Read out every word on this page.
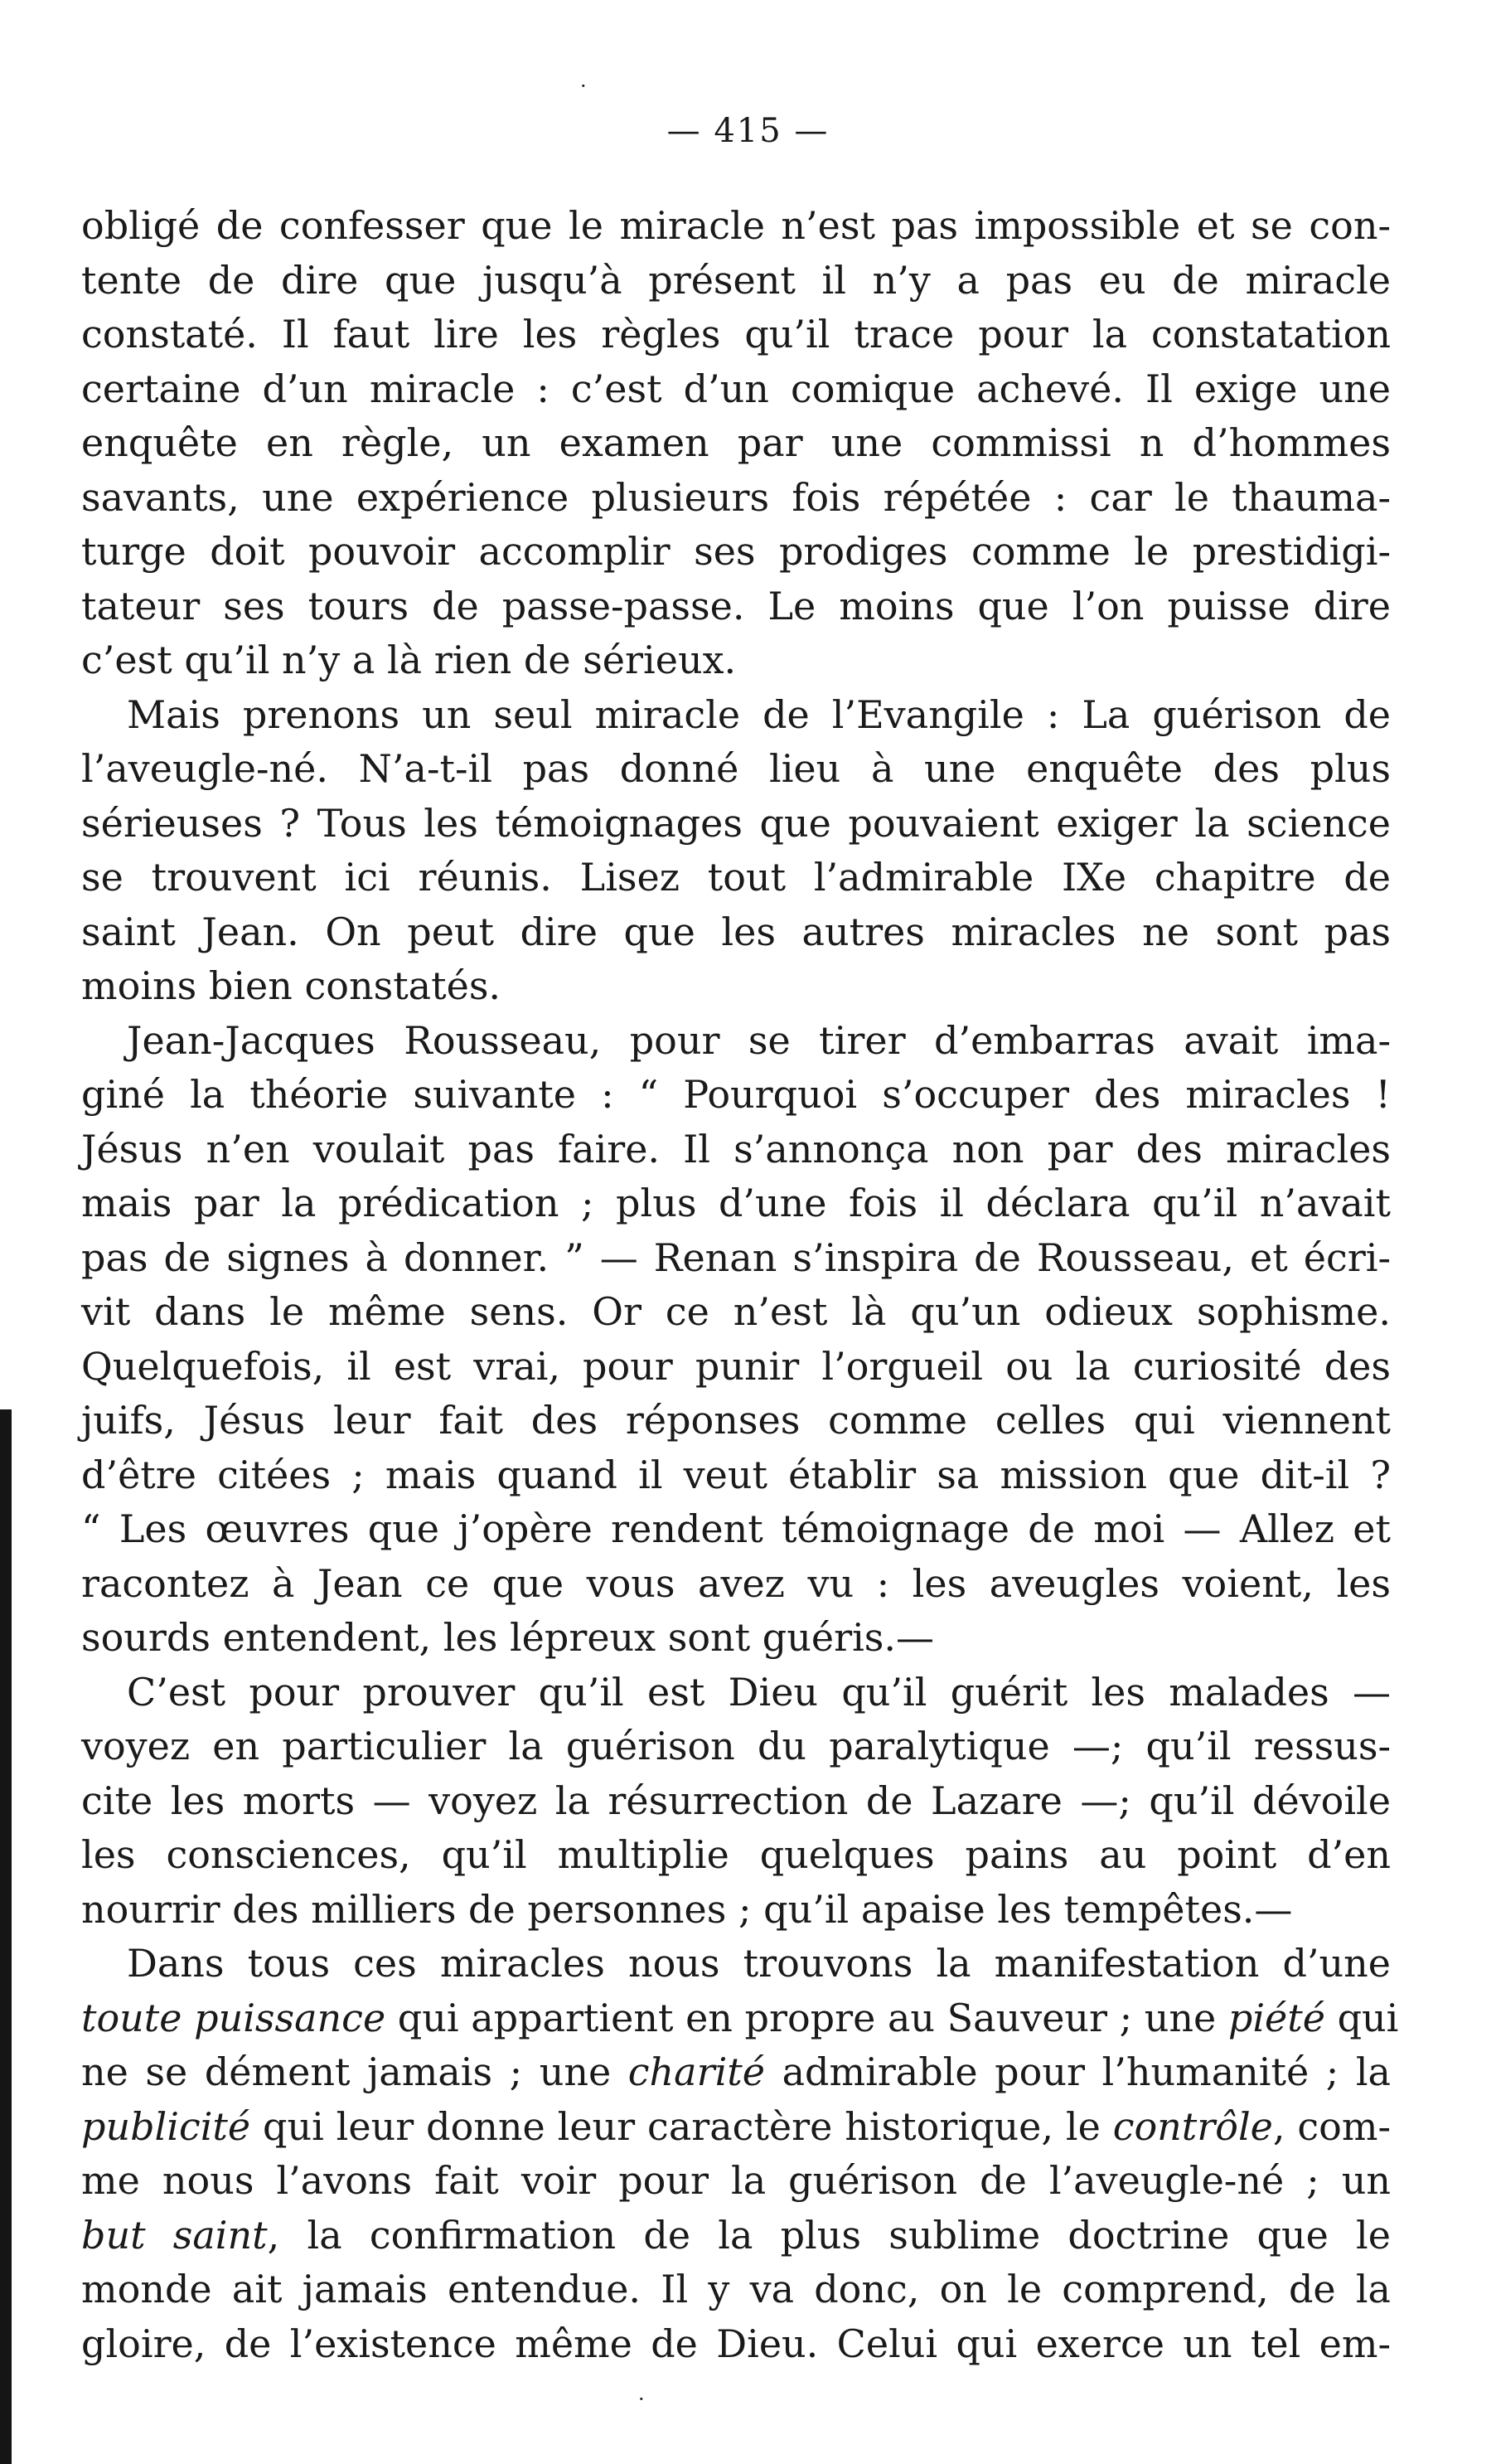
·
·
— 415 —
obligé de confesser que le miracle n’est pas impossible et se con-
tente de dire que jusqu’à présent il n’y a pas eu de miracle
constaté. Il faut lire les règles qu’il trace pour la constatation
certaine d’un miracle : c’est d’un comique achevé. Il exige une
enquête en règle, un examen par une commissi n d’hommes
savants, une expérience plusieurs fois répétée : car le thauma-
turge doit pouvoir accomplir ses prodiges comme le prestidigi-
tateur ses tours de passe-passe. Le moins que l’on puisse dire
c’est qu’il n’y a là rien de sérieux.
Mais prenons un seul miracle de l’Evangile : La guérison de
l’aveugle-né. N’a-t-il pas donné lieu à une enquête des plus
sérieuses ? Tous les témoignages que pouvaient exiger la science
se trouvent ici réunis. Lisez tout l’admirable IXe chapitre de
saint Jean. On peut dire que les autres miracles ne sont pas
moins bien constatés.
Jean-Jacques Rousseau, pour se tirer d’embarras avait ima-
giné la théorie suivante : “ Pourquoi s’occuper des miracles !
Jésus n’en voulait pas faire. Il s’annonça non par des miracles
mais par la prédication ; plus d’une fois il déclara qu’il n’avait
pas de signes à donner. ” — Renan s’inspira de Rousseau, et écri-
vit dans le même sens. Or ce n’est là qu’un odieux sophisme.
Quelquefois, il est vrai, pour punir l’orgueil ou la curiosité des
juifs, Jésus leur fait des réponses comme celles qui viennent
d’être citées ; mais quand il veut établir sa mission que dit-il ?
“ Les œuvres que j’opère rendent témoignage de moi — Allez et
racontez à Jean ce que vous avez vu : les aveugles voient, les
sourds entendent, les lépreux sont guéris.—
C’est pour prouver qu’il est Dieu qu’il guérit les malades —
voyez en particulier la guérison du paralytique —; qu’il ressus-
cite les morts — voyez la résurrection de Lazare —; qu’il dévoile
les consciences, qu’il multiplie quelques pains au point d’en
nourrir des milliers de personnes ; qu’il apaise les tempêtes.—
Dans tous ces miracles nous trouvons la manifestation d’une
toute puissance qui appartient en propre au Sauveur ; une piété qui
ne se dément jamais ; une charité admirable pour l’humanité ; la
publicité qui leur donne leur caractère historique, le contrôle, com-
me nous l’avons fait voir pour la guérison de l’aveugle-né ; un
but saint, la confirmation de la plus sublime doctrine que le
monde ait jamais entendue. Il y va donc, on le comprend, de la
gloire, de l’existence même de Dieu. Celui qui exerce un tel em-
